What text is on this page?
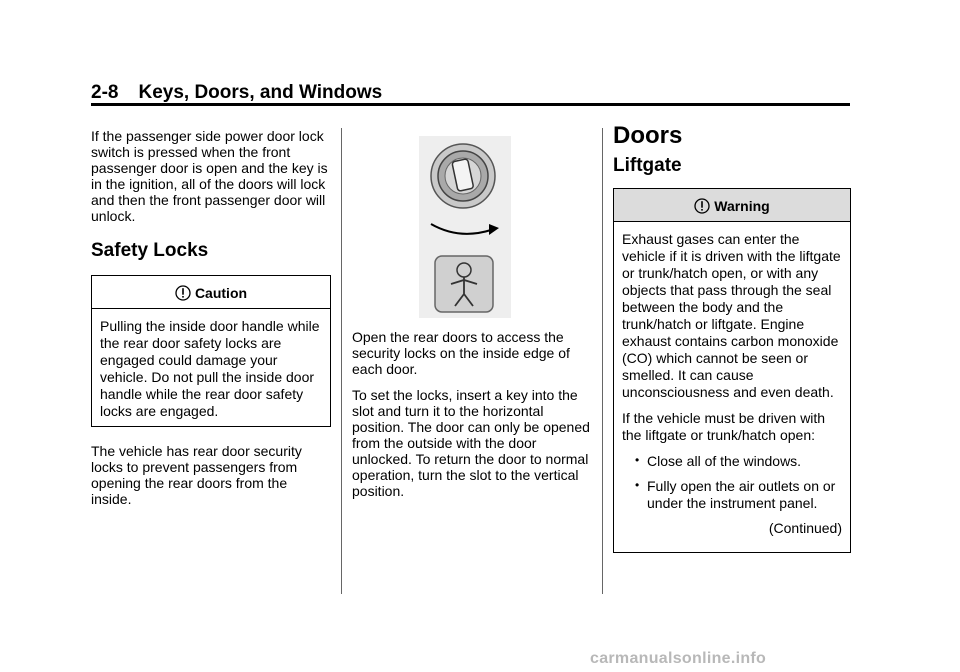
2-8 Keys, Doors, and Windows

If the passenger side power door lock switch is pressed when the front passenger door is open and the key is in the ignition, all of the doors will lock and then the front passenger door will unlock.

Safety Locks
Caution

Pulling the inside door handle while the rear door safety locks are engaged could damage your vehicle. Do not pull the inside door handle while the rear door safety locks are engaged.

The vehicle has rear door security locks to prevent passengers from opening the rear doors from the inside.

Open the rear doors to access the security locks on the inside edge of each door.

To set the locks, insert a key into the slot and turn it to the horizontal position. The door can only be opened from the outside with the door unlocked. To return the door to normal operation, turn the slot to the vertical position.

Doors
Liftgate
Warning

Exhaust gases can enter the vehicle if it is driven with the liftgate or trunk/hatch open, or with any objects that pass through the seal between the body and the trunk/hatch or liftgate. Engine exhaust contains carbon monoxide (CO) which cannot be seen or smelled. It can cause unconsciousness and even death.

If the vehicle must be driven with the liftgate or trunk/hatch open:

• Close all of the windows.
• Fully open the air outlets on or under the instrument panel.

(Continued)

carmanualsonline.info
